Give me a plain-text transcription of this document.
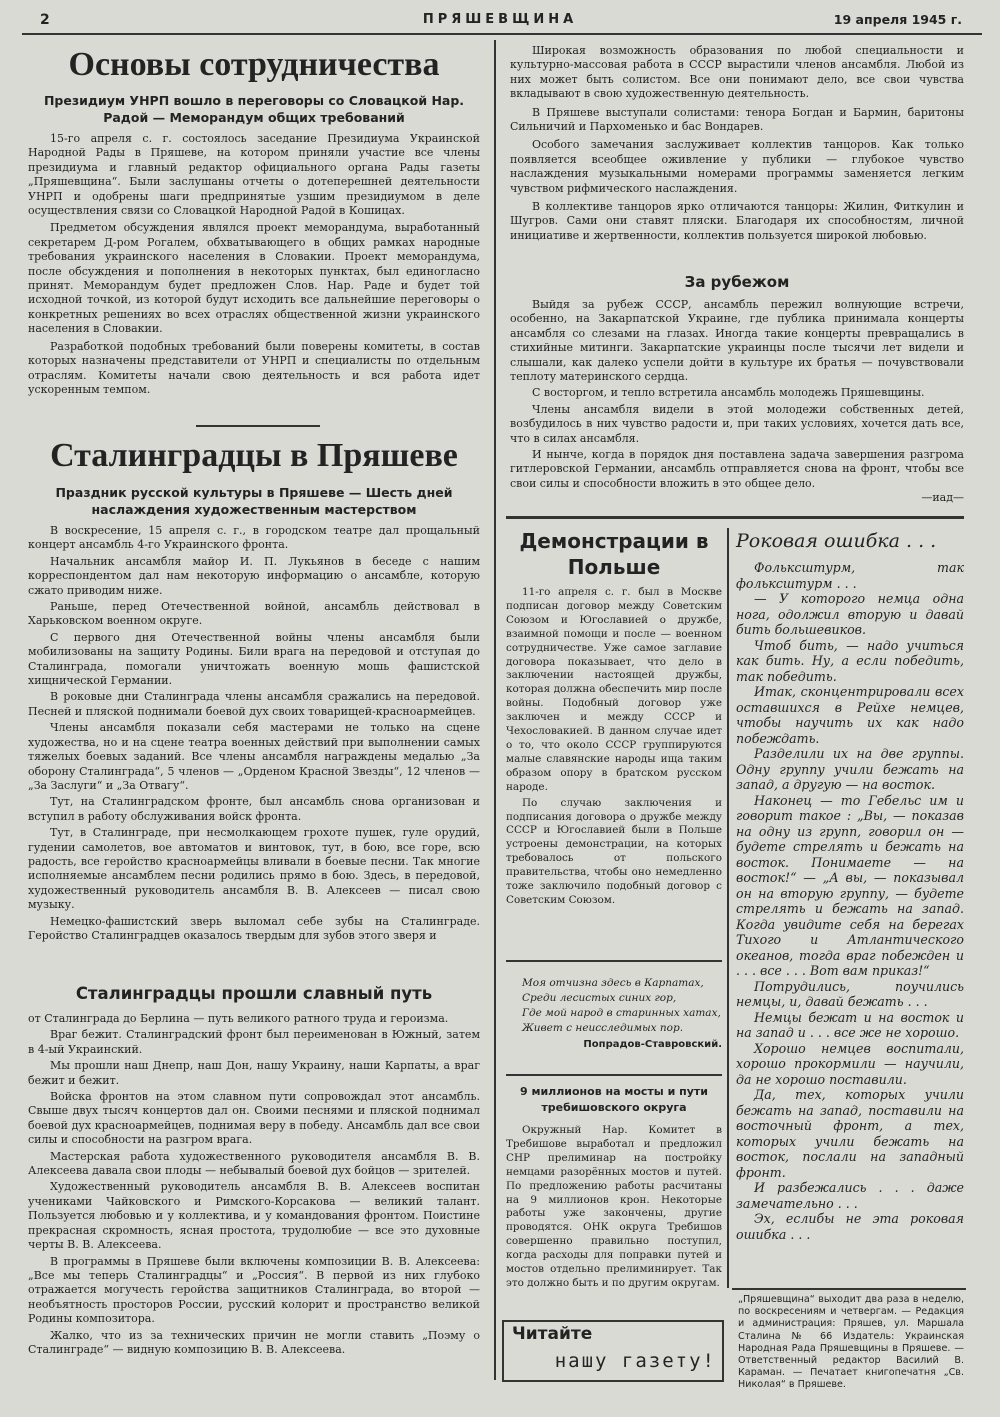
2	ПРЯШЕВЩИНА	19 апреля 1945 г.
Основы сотрудничества

Президиум УНРП вошло в переговоры со Словацкой Нар. Радой — Меморандум общих требований

15-го апреля с. г. состоялось заседание Президиума Украинской Народной Рады в Пряшеве, на котором приняли участие все члены президиума и главный редактор официального органа Рады газеты „Пряшевщина“. Были заслушаны отчеты о дотеперешней деятельности УНРП и одобрены шаги предпринятые узшим президиумом в деле осуществления связи со Словацкой Народной Радой в Кошицах.

Предметом обсуждения являлся проект меморандума, выработанный секретарем Д-ром Рогалем, обхватывающего в общих рамках народные требования украинского населения в Словакии. Проект меморандума, после обсуждения и пополнения в некоторых пунктах, был единогласно принят. Меморандум будет предложен Слов. Нар. Раде и будет той исходной точкой, из которой будут исходить все дальнейшие переговоры о конкретных решениях во всех отраслях общественной жизни украинского населения в Словакии.

Разработкой подобных требований были поверены комитеты, в состав которых назначены представители от УНРП и специалисты по отдельным отраслям. Комитеты начали свою деятельность и вся работа идет ускоренным темпом.

Сталинградцы в Пряшеве

Праздник русской культуры в Пряшеве — Шесть дней наслаждения художественным мастерством

В воскресение, 15 апреля с. г., в городском театре дал прощальный концерт ансамбль 4-го Украинского фронта.

Начальник ансамбля майор И. П. Лукьянов в беседе с нашим корреспондентом дал нам некоторую информацию о ансамбле, которую сжато приводим ниже.

Раньше, перед Отечественной войной, ансамбль действовал в Харьковском военном округе.

С первого дня Отечественной войны члены ансамбля были мобилизованы на защиту Родины. Били врага на передовой и отступая до Сталинграда, помогали уничтожать военную мошь фашистской хищнической Германии.

В роковые дни Сталинграда члены ансамбля сражались на передовой. Песней и пляской поднимали боевой дух своих товарищей-красноармейцев.

Члены ансамбля показали себя мастерами не только на сцене художества, но и на сцене театра военных действий при выполнении самых тяжелых боевых заданий. Все члены ансамбля награждены медалью „За оборону Сталинграда“, 5 членов — „Орденом Красной Звезды“, 12 членов — „За Заслуги“ и „За Отвагу“.

Тут, на Сталинградском фронте, был ансамбль снова организован и вступил в работу обслуживания войск фронта.

Тут, в Сталинграде, при несмолкающем грохоте пушек, гуле орудий, гудении самолетов, вое автоматов и винтовок, тут, в бою, все горе, всю радость, все геройство красноармейцы вливали в боевые песни. Так многие исполняемые ансамблем песни родились прямо в бою. Здесь, в передовой, художественный руководитель ансамбля В. В. Алексеев — писал свою музыку.

Немецко-фашистский зверь выломал себе зубы на Сталинграде. Геройство Сталинградцев оказалось твердым для зубов этого зверя и

Сталинградцы прошли славный путь

от Сталинграда до Берлина — путь великого ратного труда и героизма.

Враг бежит. Сталинградский фронт был переименован в Южный, затем в 4-ый Украинский.

Мы прошли наш Днепр, наш Дон, нашу Украину, наши Карпаты, а враг бежит и бежит.

Войска фронтов на этом славном пути сопровождал этот ансамбль. Свыше двух тысяч концертов дал он. Своими песнями и пляской поднимал боевой дух красноармейцев, поднимая веру в победу. Ансамбль дал все свои силы и способности на разгром врага.

Мастерская работа художественного руководителя ансамбля В. В. Алексеева давала свои плоды — небывалый боевой дух бойцов — зрителей.

Художественный руководитель ансамбля В. В. Алексеев воспитан учениками Чайковского и Римского-Корсакова — великий талант. Пользуется любовью и у коллектива, и у командования фронтом. Поистине прекрасная скромность, ясная простота, трудолюбие — все это духовные черты В. В. Алексеева.

В программы в Пряшеве были включены композиции В. В. Алексеева: „Все мы теперь Сталинградцы“ и „Россия“. В первой из них глубоко отражается могучесть геройства защитников Сталинграда, во второй — необъятность просторов России, русский колорит и пространство великой Родины композитора.

Жалко, что из за технических причин не могли ставить „Поэму о Сталинграде“ — видную композицию В. В. Алексеева.

Широкая возможность образования по любой специальности и культурно-массовая работа в СССР вырастили членов ансамбля. Любой из них может быть солистом. Все они понимают дело, все свои чувства вкладывают в свою художественную деятельность.

В Пряшеве выступали солистами: тенора Богдан и Бармин, баритоны Сильничий и Пархоменько и бас Вондарев.

Особого замечания заслуживает коллектив танцоров. Как только появляется всеобщее оживление у публики — глубокое чувство наслаждения музыкальными номерами программы заменяется легким чувством рифмического наслаждения.

В коллективе танцоров ярко отличаются танцоры: Жилин, Фиткулин и Шугров. Сами они ставят пляски. Благодаря их способностям, личной инициативе и жертвенности, коллектив пользуется широкой любовью.

За рубежом

Выйдя за рубеж СССР, ансамбль пережил волнующие встречи, особенно, на Закарпатской Украине, где публика принимала концерты ансамбля со слезами на глазах. Иногда такие концерты превращались в стихийные митинги. Закарпатские украинцы после тысячи лет видели и слышали, как далеко успели дойти в культуре их братья — почувствовали теплоту материнского сердца.

С восторгом, и тепло встретила ансамбль молодежь Пряшевщины.

Члены ансамбля видели в этой молодежи собственных детей, возбудилось в них чувство радости и, при таких условиях, хочется дать все, что в силах ансамбля.

И нынче, когда в порядок дня поставлена задача завершения разгрома гитлеровской Германии, ансамбль отправляется снова на фронт, чтобы все свои силы и способности вложить в это общее дело.

—иад—

Демонстрации в Польше

11-го апреля с. г. был в Москве подписан договор между Советским Союзом и Югославией о дружбе, взаимной помощи и после — военном сотрудничестве. Уже самое заглавие договора показывает, что дело в заключении настоящей дружбы, которая должна обеспечить мир после войны. Подобный договор уже заключен и между СССР и Чехословакией. В данном случае идет о то, что около СССР группируются малые славянские народы ища таким образом опору в братском русском народе.

По случаю заключения и подписания договора о дружбе между СССР и Югославией были в Польше устроены демонстрации, на которых требовалось от польского правительства, чтобы оно немедленно тоже заключило подобный договор с Советским Союзом.

Моя отчизна здесь в Карпатах,

Среди лесистых синих гор,

Где мой народ в старинных хатах,

Живет с неисследимых пор.

Попрадов-Ставровский.

9 миллионов на мосты и пути требишовского округа

Окружный Нар. Комитет в Требишове выработал и предложил СНР прелиминар на постройку немцами разорённых мостов и путей. По предложению работы расчитаны на 9 миллионов крон. Некоторые работы уже закончены, другие проводятся. ОНК округа Требишов совершенно правильно поступил, когда расходы для поправки путей и мостов отдельно прелиминирует. Так это должно быть и по другим округам.

Читайте
нашу газету!
Роковая ошибка . . .

Фольксштурм, так фольксштурм . . .

— У которого немца одна нога, одолжил вторую и давай бить большевиков.

Чтоб бить, — надо учиться как бить. Ну, а если победить, так победить.

Итак, сконцентрировали всех оставшихся в Рейхе немцев, чтобы научить их как надо побеждать.

Разделили их на две группы. Одну группу учили бежать на запад, а другую — на восток.

Наконец — то Гебельс им и говорит такое : „Вы, — показав на одну из групп, говорил он — будете стрелять и бежать на восток. Понимаете — на восток!“ — „А вы, — показывал он на вторую группу, — будете стрелять и бежать на запад. Когда увидите себя на берегах Тихого и Атлантического океанов, тогда враг побежден и . . . все . . . Вот вам приказ!“

Потрудились, поучились немцы, и, давай бежать . . .

Немцы бежат и на восток и на запад и . . . все же не хорошо.

Хорошо немцев воспитали, хорошо прокормили — научили, да не хорошо поставили.

Да, тех, которых учили бежать на запад, поставили на восточный фронт, а тех, которых учили бежать на восток, послали на западный фронт.

И разбежались . . . даже замечательно . . .

Эх, еслибы не эта роковая ошибка . . .

„Пряшевщина“ выходит два раза в неделю, по воскресениям и четвергам. — Редакция и администрация: Пряшев, ул. Маршала Сталина № 66 Издатель: Украинская Народная Рада Пряшевщины в Пряшеве. — Ответственный редактор Василий В. Караман. — Печатает книгопечатня „Св. Николая“ в Пряшеве.
